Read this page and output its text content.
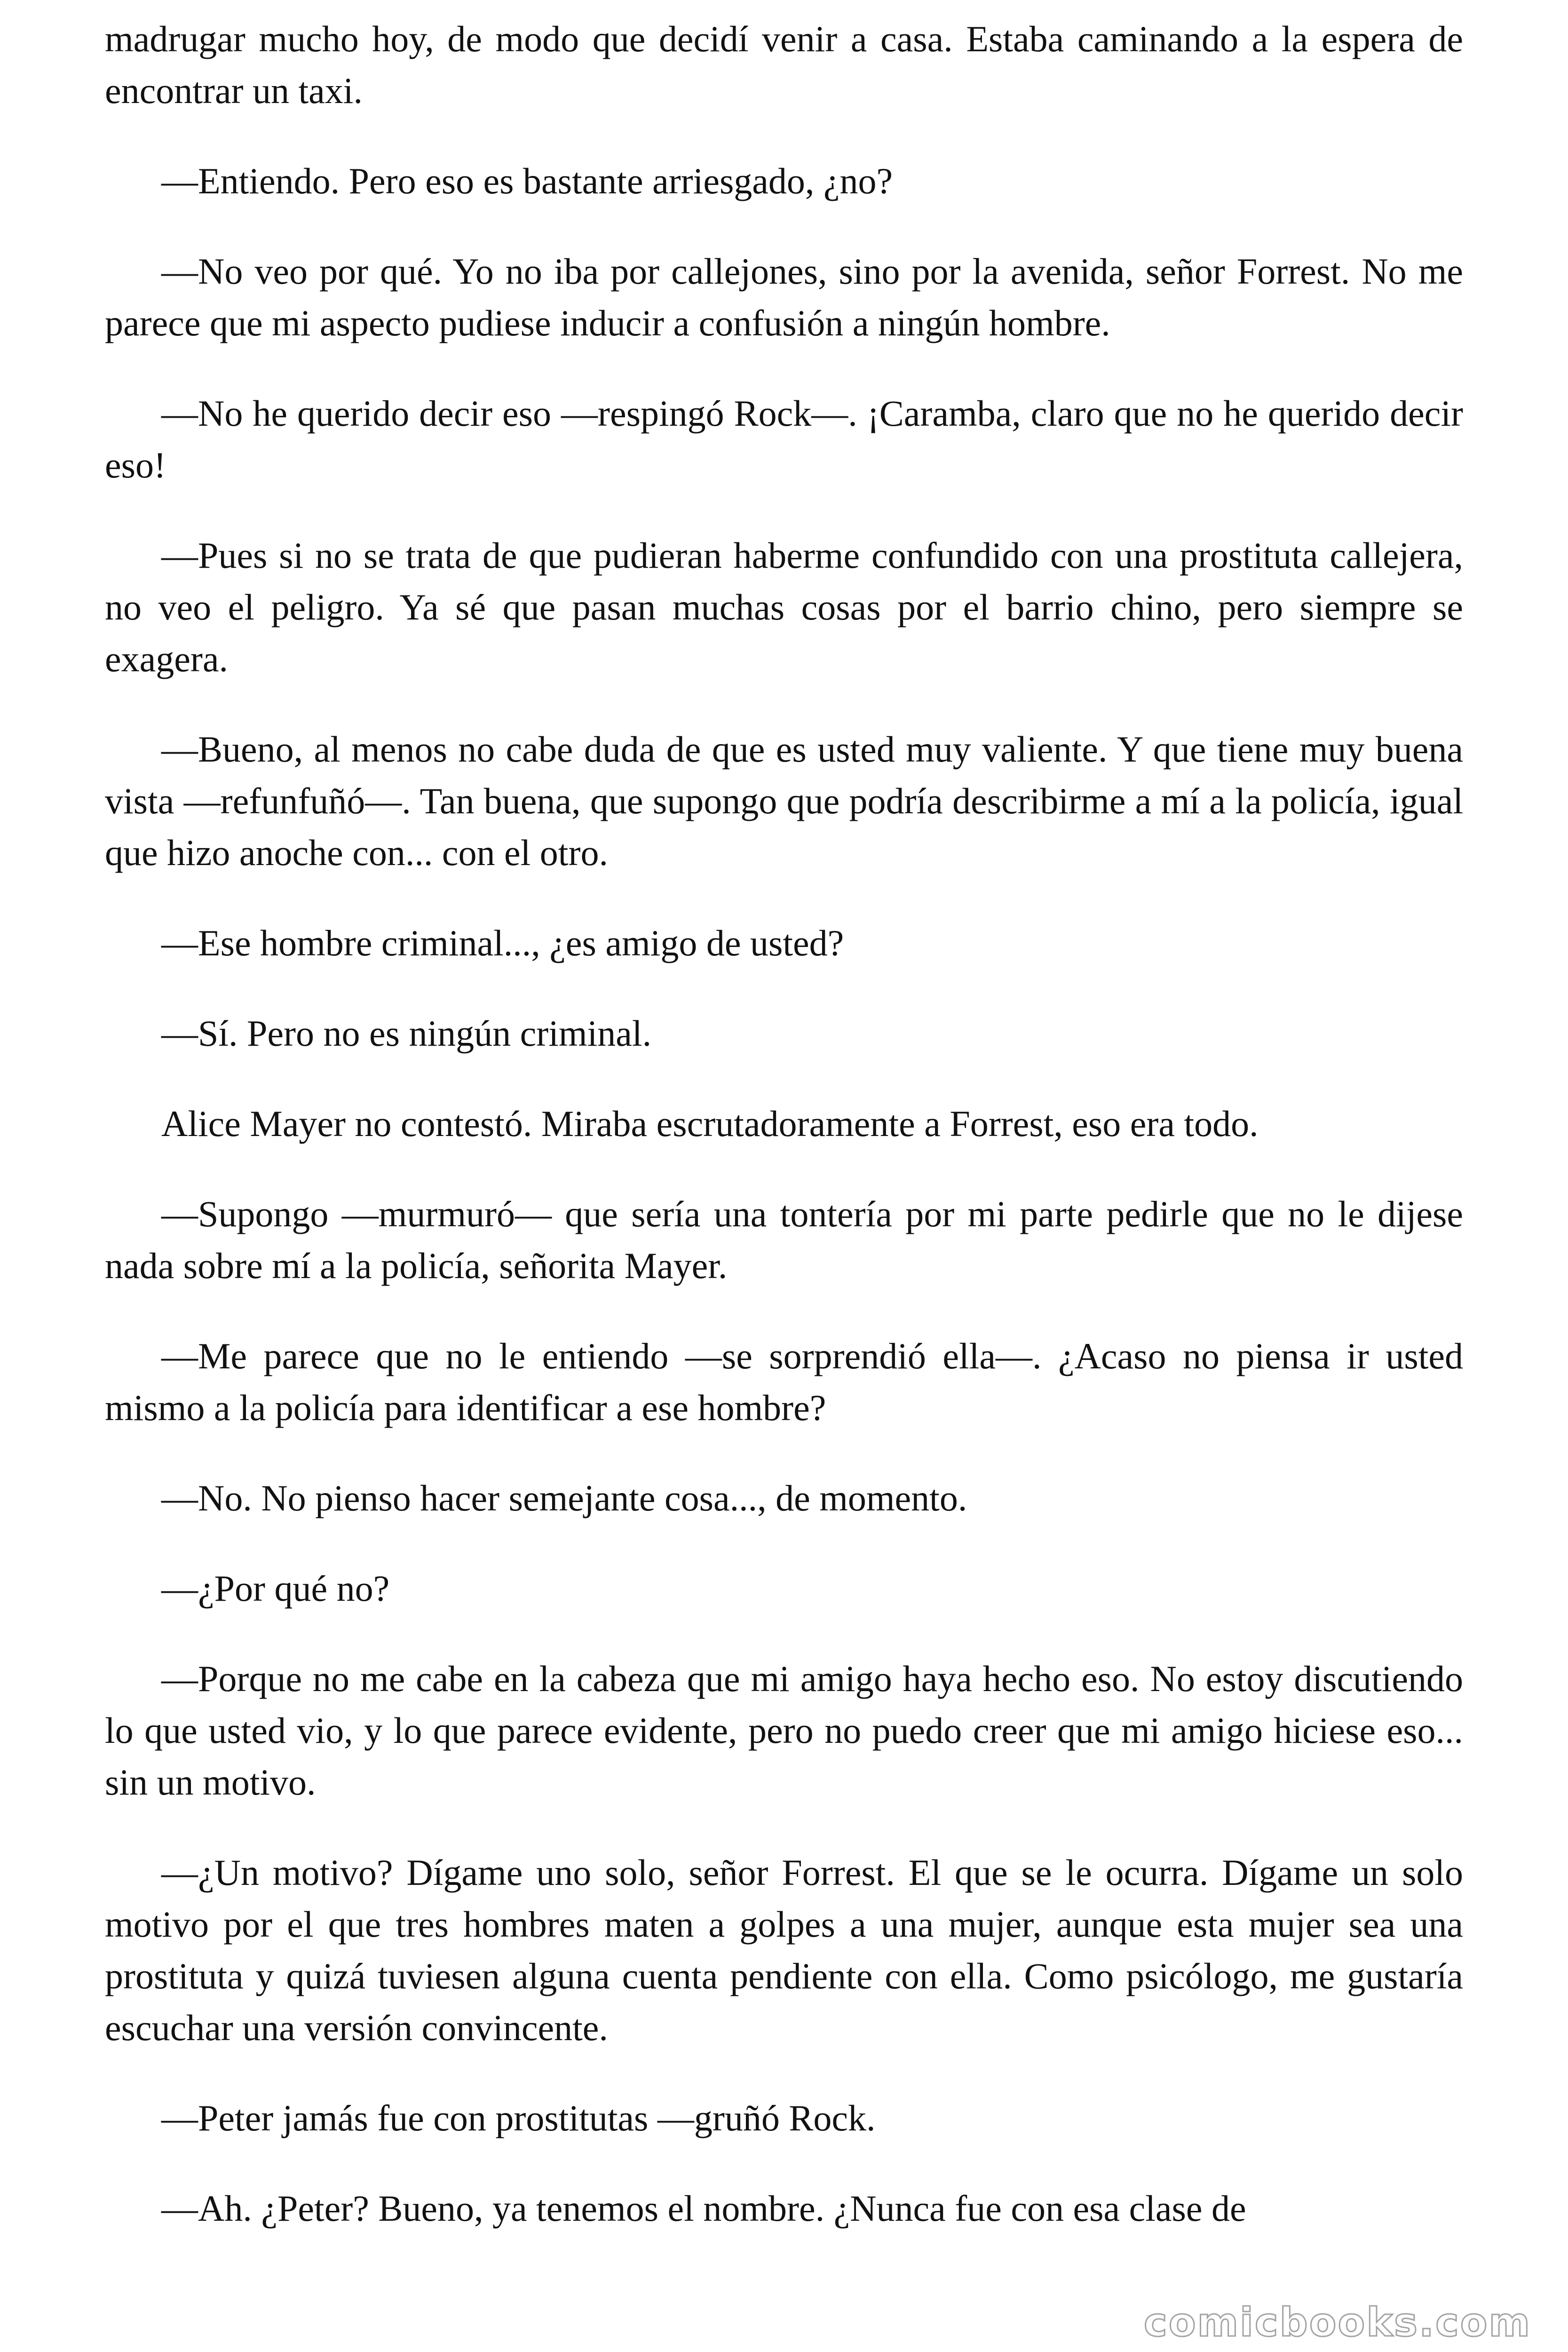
madrugar mucho hoy, de modo que decidí venir a casa. Estaba caminando a la espera de encontrar un taxi.

—Entiendo. Pero eso es bastante arriesgado, ¿no?

—No veo por qué. Yo no iba por callejones, sino por la avenida, señor Forrest. No me parece que mi aspecto pudiese inducir a confusión a ningún hombre.

—No he querido decir eso —respingó Rock—. ¡Caramba, claro que no he querido decir eso!

—Pues si no se trata de que pudieran haberme confundido con una prostituta callejera, no veo el peligro. Ya sé que pasan muchas cosas por el barrio chino, pero siempre se exagera.

—Bueno, al menos no cabe duda de que es usted muy valiente. Y que tiene muy buena vista —refunfuñó—. Tan buena, que supongo que podría describirme a mí a la policía, igual que hizo anoche con... con el otro.

—Ese hombre criminal..., ¿es amigo de usted?

—Sí. Pero no es ningún criminal.

Alice Mayer no contestó. Miraba escrutadoramente a Forrest, eso era todo.

—Supongo —murmuró— que sería una tontería por mi parte pedirle que no le dijese nada sobre mí a la policía, señorita Mayer.

—Me parece que no le entiendo —se sorprendió ella—. ¿Acaso no piensa ir usted mismo a la policía para identificar a ese hombre?

—No. No pienso hacer semejante cosa..., de momento.

—¿Por qué no?

—Porque no me cabe en la cabeza que mi amigo haya hecho eso. No estoy discutiendo lo que usted vio, y lo que parece evidente, pero no puedo creer que mi amigo hiciese eso... sin un motivo.

—¿Un motivo? Dígame uno solo, señor Forrest. El que se le ocurra. Dígame un solo motivo por el que tres hombres maten a golpes a una mujer, aunque esta mujer sea una prostituta y quizá tuviesen alguna cuenta pendiente con ella. Como psicólogo, me gustaría escuchar una versión convincente.

—Peter jamás fue con prostitutas —gruñó Rock.

—Ah. ¿Peter? Bueno, ya tenemos el nombre. ¿Nunca fue con esa clase de

comicbooks.com
